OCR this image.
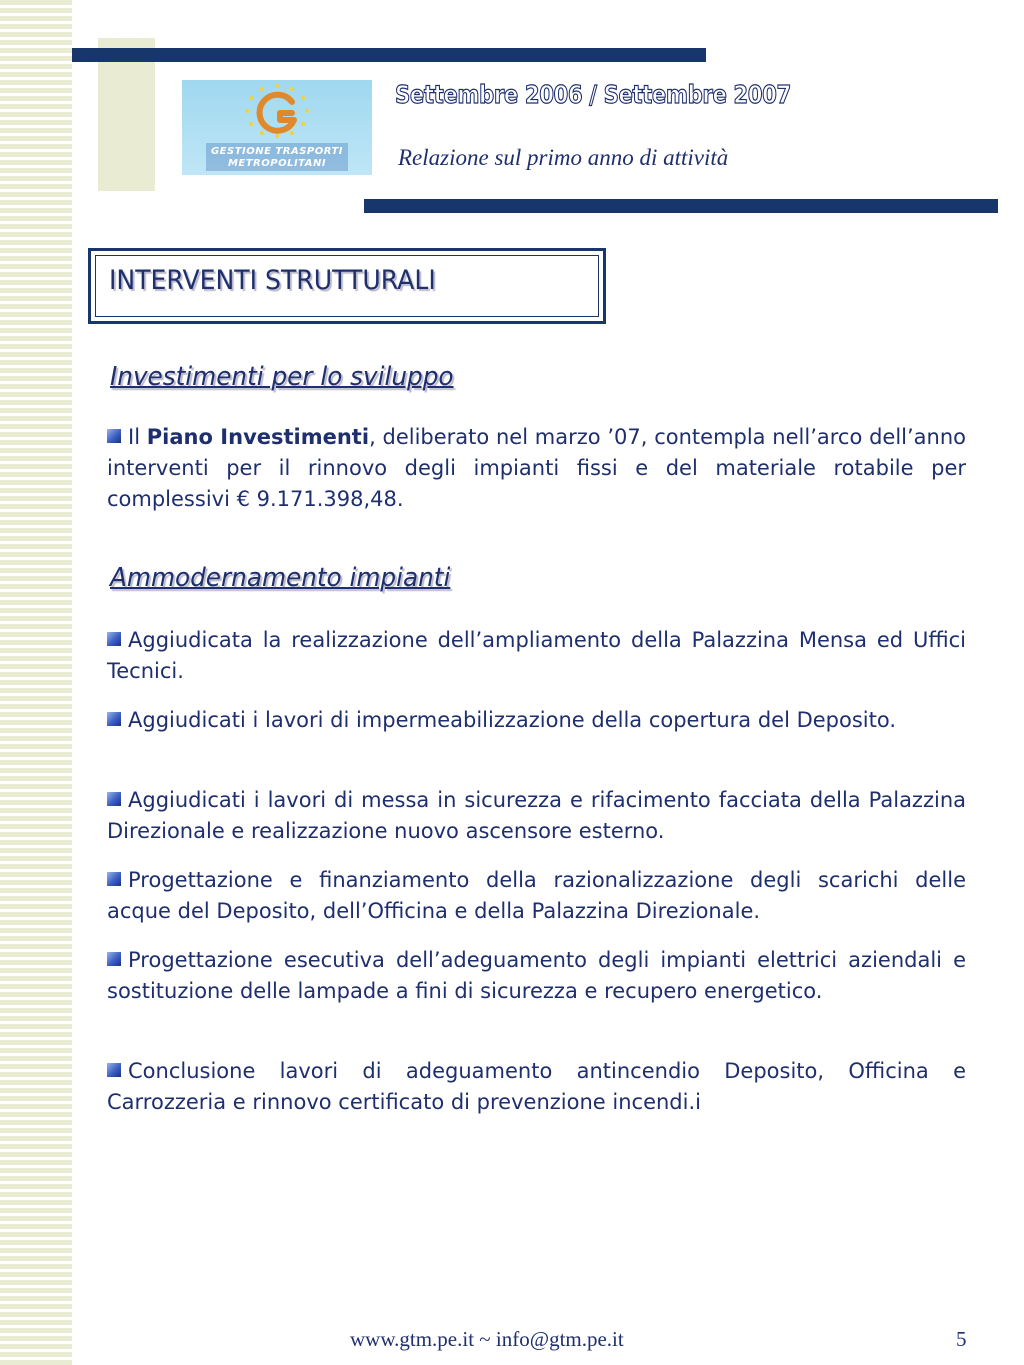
GESTIONE TRASPORTI
METROPOLITANI
Settembre 2006 / Settembre 2007
Relazione sul primo anno di attività
INTERVENTI STRUTTURALI
Investimenti per lo sviluppo
Il Piano Investimenti, deliberato nel marzo ’07, contempla nell’arco dell’anno interventi per il rinnovo degli impianti fissi e del materiale rotabile per complessivi € 9.171.398,48.
Ammodernamento impianti
Aggiudicata la realizzazione dell’ampliamento della Palazzina Mensa ed Uffici Tecnici.
Aggiudicati i lavori di impermeabilizzazione della copertura del Deposito.
Aggiudicati i lavori di messa in sicurezza e rifacimento facciata della Palazzina Direzionale e realizzazione nuovo ascensore esterno.
Progettazione e finanziamento della razionalizzazione degli scarichi delle acque del Deposito, dell’Officina e della Palazzina Direzionale.
Progettazione esecutiva dell’adeguamento degli impianti elettrici aziendali e sostituzione delle lampade a fini di sicurezza e recupero energetico.
Conclusione lavori di adeguamento antincendio Deposito, Officina e Carrozzeria e rinnovo certificato di prevenzione incendi.i
www.gtm.pe.it ~ info@gtm.pe.it	5
